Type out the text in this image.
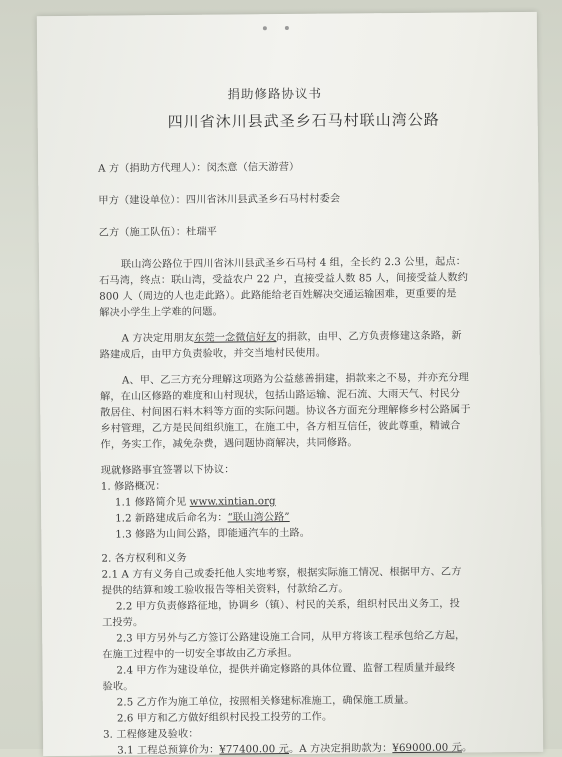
捐助修路协议书
四川省沐川县武圣乡石马村联山湾公路
A 方（捐助方代理人）：闵杰意（信天游营）
甲方（建设单位）：四川省沐川县武圣乡石马村村委会
乙方（施工队伍）：杜瑞平
联山湾公路位于四川省沐川县武圣乡石马村 4 组，全长约 2.3 公里，起点：
石马湾，终点：联山湾，受益农户 22 户，直接受益人数 85 人，间接受益人数约
800 人（周边的人也走此路）。此路能给老百姓解决交通运输困难，更重要的是
解决小学生上学难的问题。
A 方决定用朋友东莞一念微信好友的捐款，由甲、乙方负责修建这条路，新
路建成后，由甲方负责验收，并交当地村民使用。
A、甲、乙三方充分理解这项路为公益慈善捐建，捐款来之不易，并亦充分理
解，在山区修路的难度和山村现状，包括山路运输、泥石流、大雨天气、村民分
散居住、村间困石料木料等方面的实际问题。协议各方面充分理解修乡村公路属于
乡村管理，乙方是民间组织施工，在施工中，各方相互信任，彼此尊重，精诚合
作，务实工作，减免杂费，遇问题协商解决，共同修路。
现就修路事宜签署以下协议：
1. 修路概况：
1.1 修路简介见 www.xintian.org
1.2 新路建成后命名为：“联山湾公路”
1.3 修路为山间公路，即能通汽车的土路。
2. 各方权利和义务
2.1 A 方有义务自己或委托他人实地考察，根据实际施工情况、根据甲方、乙方
提供的结算和竣工验收报告等相关资料，付款给乙方。
2.2 甲方负责修路征地，协调乡（镇）、村民的关系，组织村民出义务工，投
工投劳。
2.3 甲方另外与乙方签订公路建设施工合同，从甲方将该工程承包给乙方起，
在施工过程中的一切安全事故由乙方承担。
2.4 甲方作为建设单位，提供并确定修路的具体位置、监督工程质量并最终
验收。
2.5 乙方作为施工单位，按照相关修建标准施工，确保施工质量。
2.6 甲方和乙方做好组织村民投工投劳的工作。
3. 工程修建及验收：
3.1 工程总预算价为：¥77400.00 元。A 方决定捐助款为：¥69000.00 元。
